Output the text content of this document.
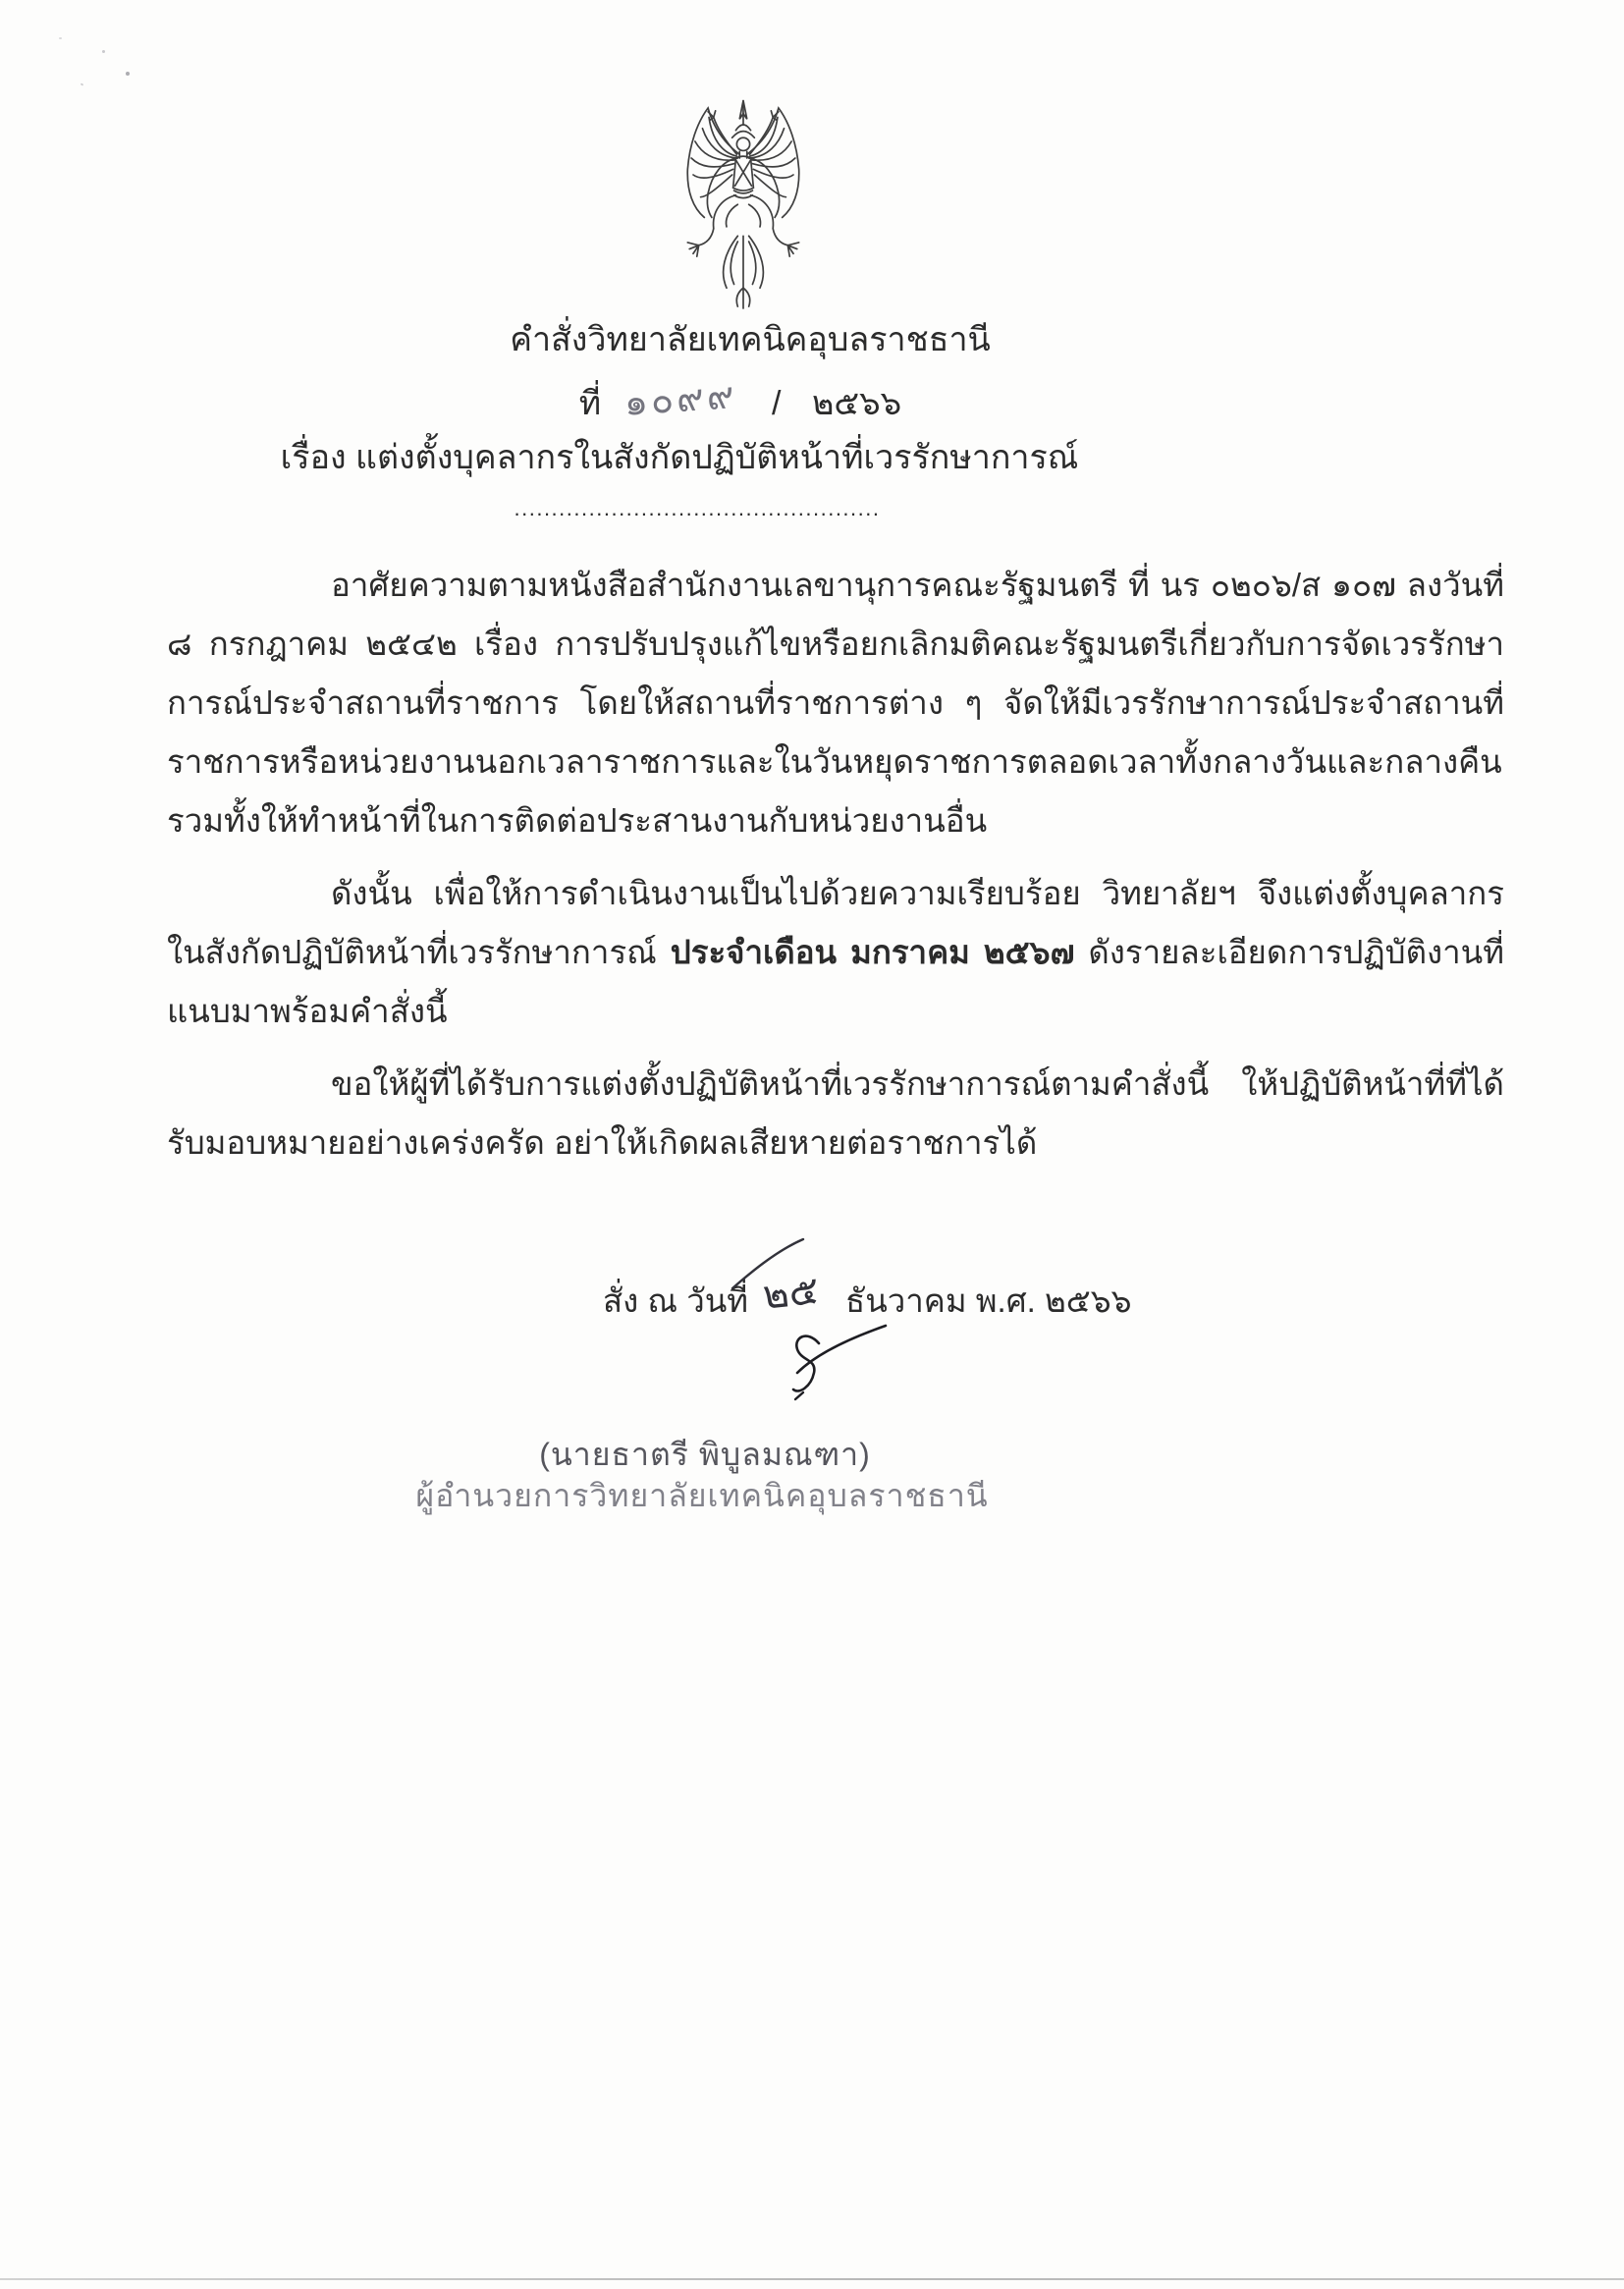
คำสั่งวิทยาลัยเทคนิคอุบลราชธานี
ที่ ๑๐๙๙ / ๒๕๖๖
เรื่อง แต่งตั้งบุคลากรในสังกัดปฏิบัติหน้าที่เวรรักษาการณ์
.................................................

อาศัยความตามหนังสือสำนักงานเลขานุการคณะรัฐมนตรี ที่ นร ๐๒๐๖/ส ๑๐๗ ลงวันที่ ๘ กรกฎาคม ๒๕๔๒ เรื่อง การปรับปรุงแก้ไขหรือยกเลิกมติคณะรัฐมนตรีเกี่ยวกับการจัดเวรรักษาการณ์ประจำสถานที่ราชการ โดยให้สถานที่ราชการต่าง ๆ จัดให้มีเวรรักษาการณ์ประจำสถานที่ราชการหรือหน่วยงานนอกเวลาราชการและในวันหยุดราชการตลอดเวลาทั้งกลางวันและกลางคืน รวมทั้งให้ทำหน้าที่ในการติดต่อประสานงานกับหน่วยงานอื่น

ดังนั้น เพื่อให้การดำเนินงานเป็นไปด้วยความเรียบร้อย วิทยาลัยฯ จึงแต่งตั้งบุคลากรในสังกัดปฏิบัติหน้าที่เวรรักษาการณ์ ประจำเดือน มกราคม ๒๕๖๗ ดังรายละเอียดการปฏิบัติงานที่แนบมาพร้อมคำสั่งนี้

ขอให้ผู้ที่ได้รับการแต่งตั้งปฏิบัติหน้าที่เวรรักษาการณ์ตามคำสั่งนี้ ให้ปฏิบัติหน้าที่ที่ได้รับมอบหมายอย่างเคร่งครัด อย่าให้เกิดผลเสียหายต่อราชการได้

สั่ง ณ วันที่ ๒๕ ธันวาคม พ.ศ. ๒๕๖๖
(นายธาตรี พิบูลมณฑา)
ผู้อำนวยการวิทยาลัยเทคนิคอุบลราชธานี
